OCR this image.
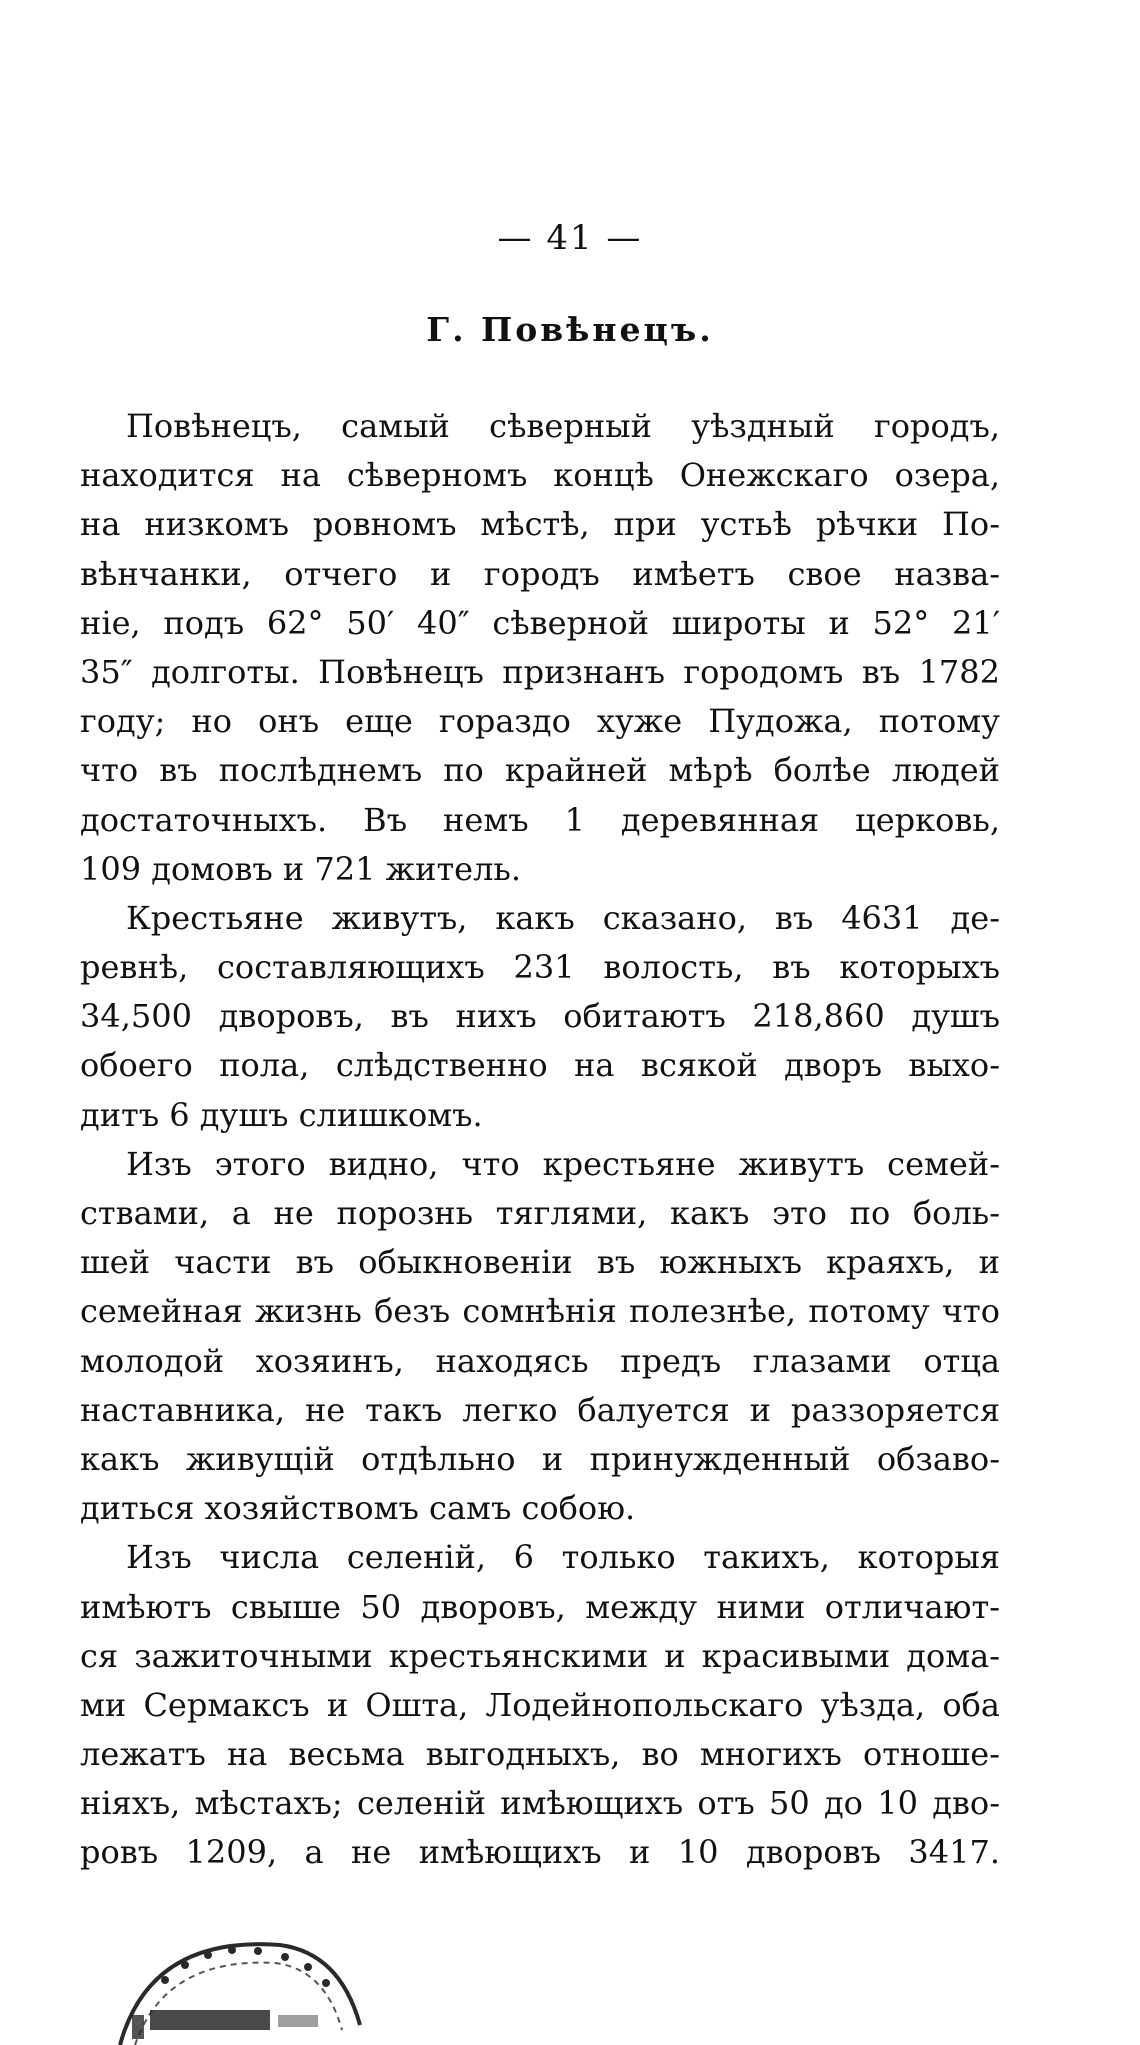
— 41 —
Г. Повѣнецъ.
Повѣнецъ, самый сѣверный уѣздный городъ,
находится на сѣверномъ концѣ Онежскаго озера,
на низкомъ ровномъ мѣстѣ, при устьѣ рѣчки По-
вѣнчанки, отчего и городъ имѣетъ свое назва-
ніе, подъ 62° 50′ 40″ сѣверной широты и 52° 21′
35″ долготы. Повѣнецъ признанъ городомъ въ 1782
году; но онъ еще гораздо хуже Пудожа, потому
что въ послѣднемъ по крайней мѣрѣ болѣе людей
достаточныхъ. Въ немъ 1 деревянная церковь,
109 домовъ и 721 житель.
Крестьяне живутъ, какъ сказано, въ 4631 де-
ревнѣ, составляющихъ 231 волость, въ которыхъ
34,500 дворовъ, въ нихъ обитаютъ 218,860 душъ
обоего пола, слѣдственно на всякой дворъ выхо-
дитъ 6 душъ слишкомъ.
Изъ этого видно, что крестьяне живутъ семей-
ствами, а не порознь тяглями, какъ это по боль-
шей части въ обыкновеніи въ южныхъ краяхъ, и
семейная жизнь безъ сомнѣнія полезнѣе, потому что
молодой хозяинъ, находясь предъ глазами отца
наставника, не такъ легко балуется и раззоряется
какъ живущій отдѣльно и принужденный обзаво-
диться хозяйствомъ самъ собою.
Изъ числа селеній, 6 только такихъ, которыя
имѣютъ свыше 50 дворовъ, между ними отличают-
ся зажиточными крестьянскими и красивыми дома-
ми Сермаксъ и Ошта, Лодейнопольскаго уѣзда, оба
лежатъ на весьма выгодныхъ, во многихъ отноше-
ніяхъ, мѣстахъ; селеній имѣющихъ отъ 50 до 10 дво-
ровъ 1209, а не имѣющихъ и 10 дворовъ 3417.
